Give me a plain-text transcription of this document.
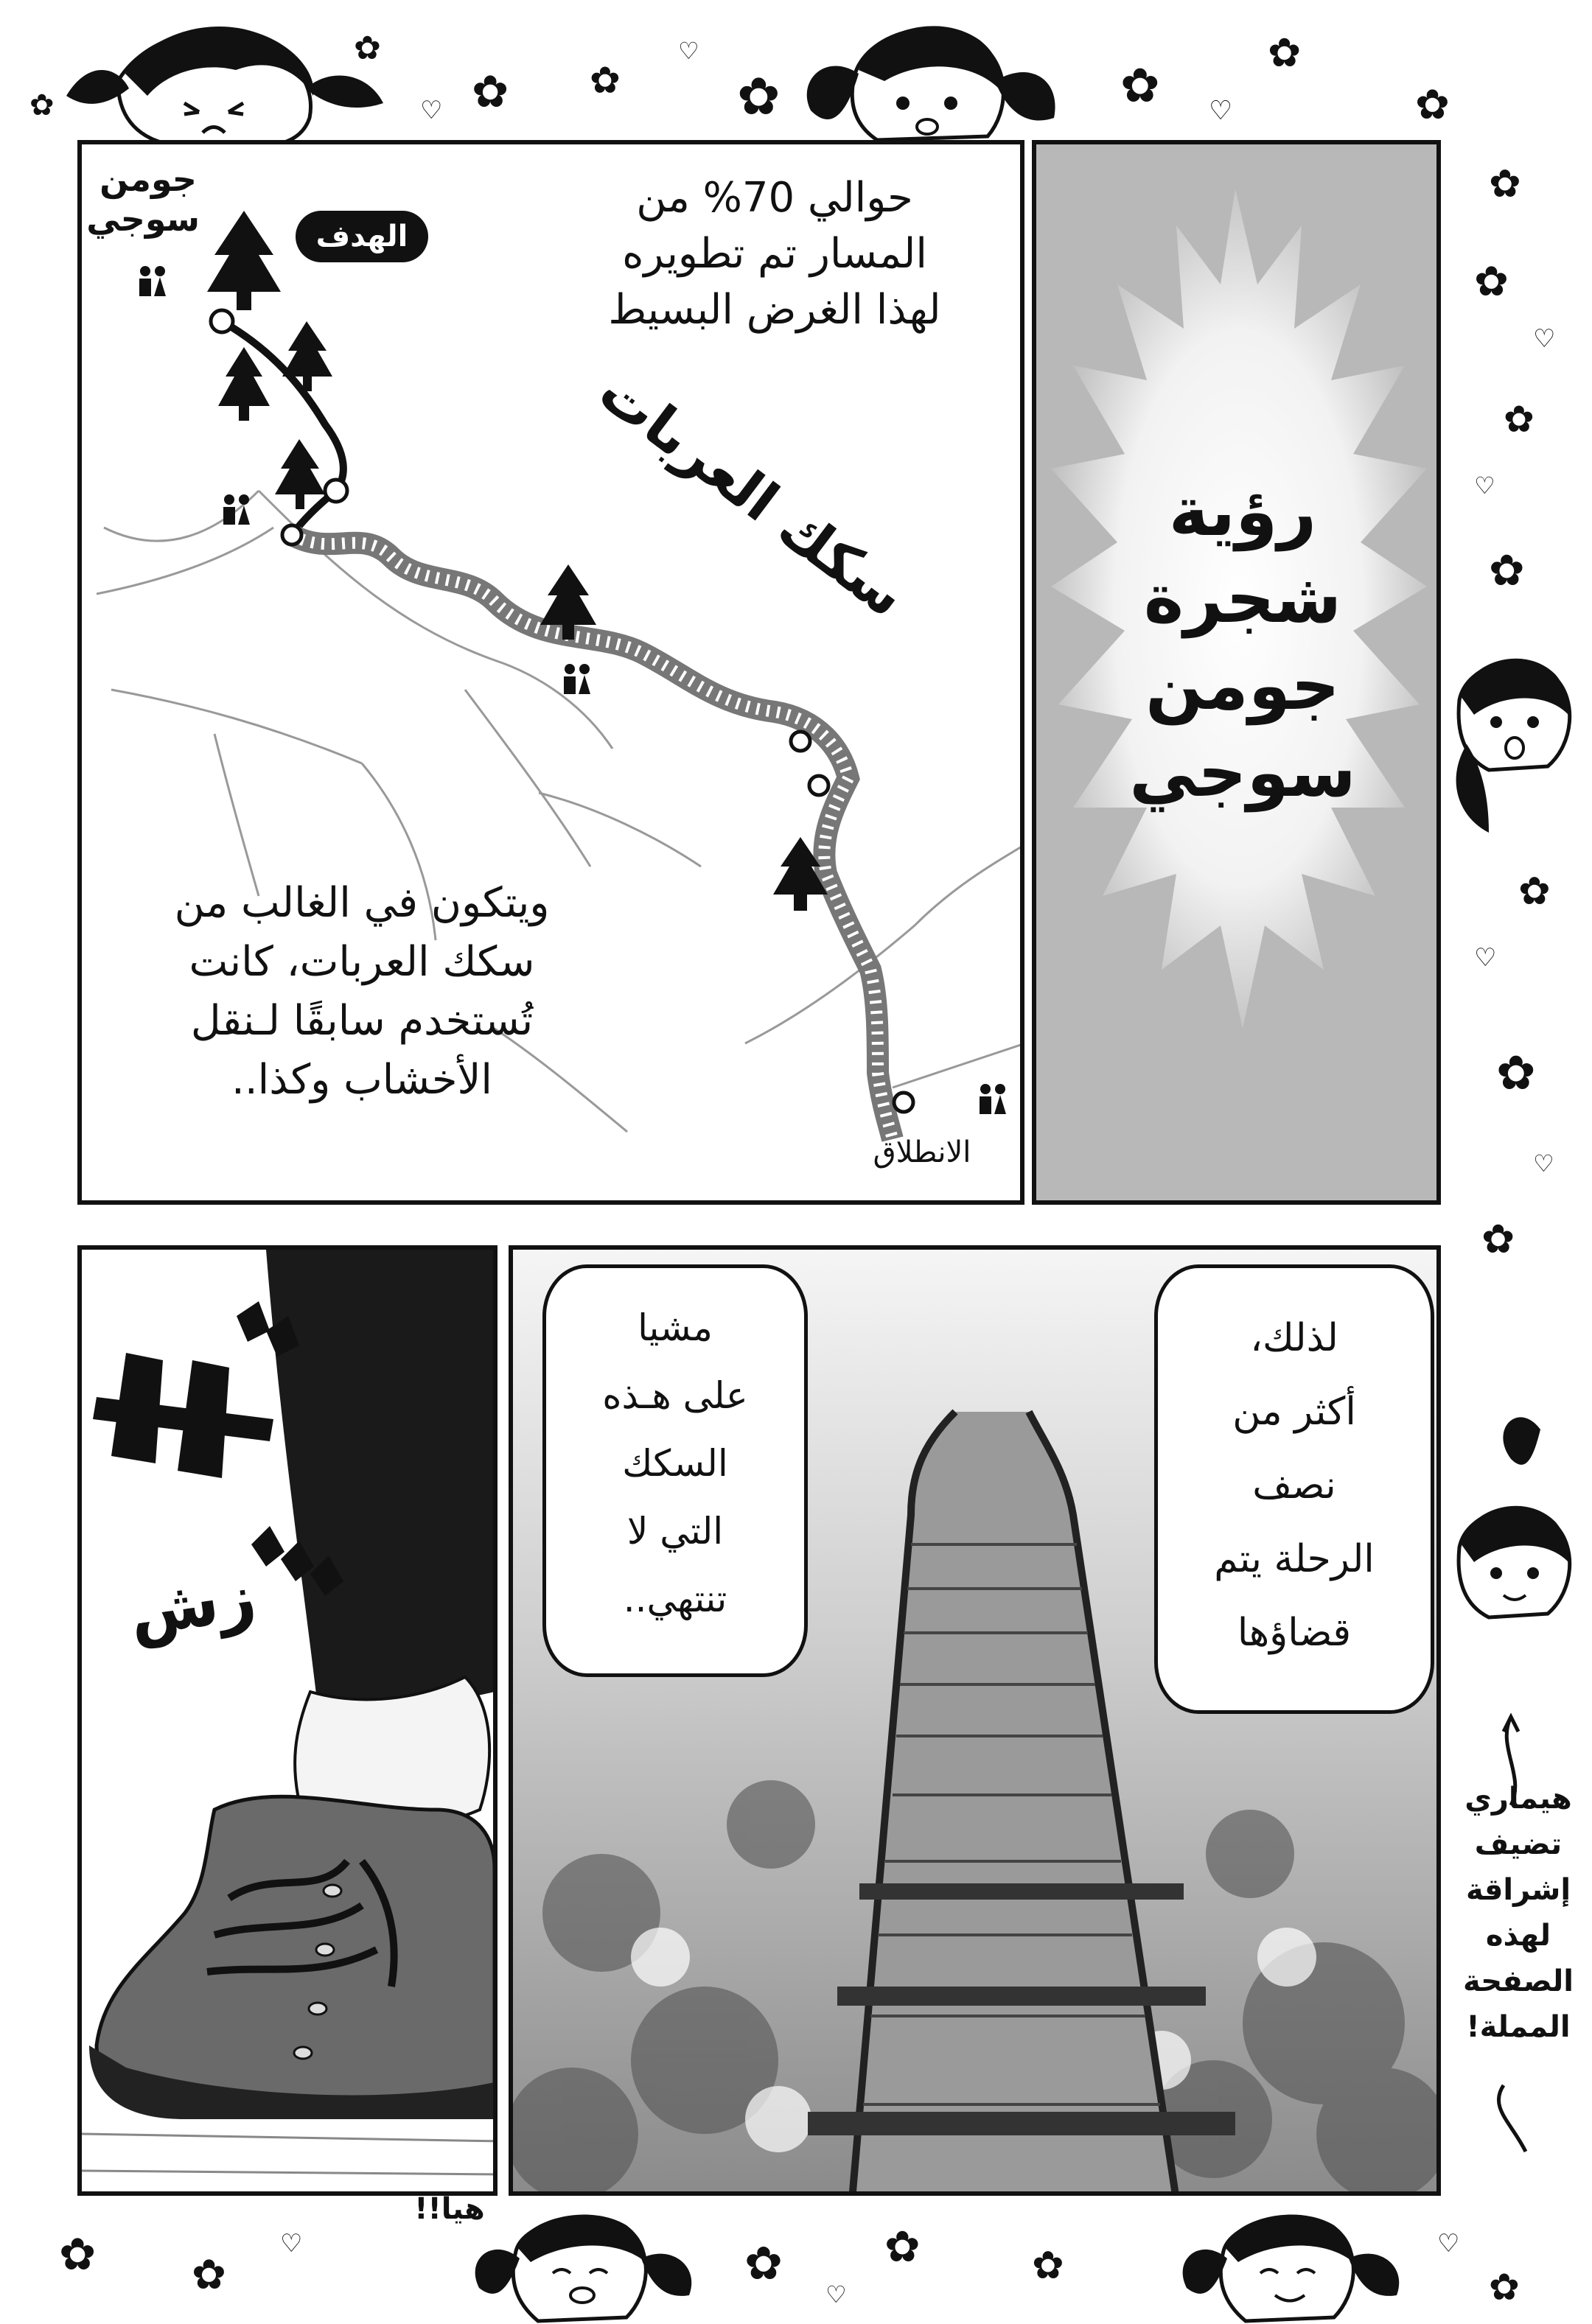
✿
✿
✿ ✿ ✿	✿
✿
✿
♡
♡
♡
جومن
سوجي	الهدف
حوالي 70% من
المسار تم تطويره
لهذا الغرض البسيط
سكك العربات
ويتكون في الغالب من
سكك العربات، كانت
تُستخدم سابقًا لـنقل
الأخشاب وكذا..
الانطلاق
رؤية
شجرة
جومن
سوجي
✿
✿
♡
✿
♡
✿
✿
♡
✿
♡
✿
هيماري
تضيف
إشراقة
لهذه
الصفحة
المملة!
زش
مشيا
على هـذه
السكك
التي لا
تنتهي..
لذلك،
أكثر من
نصف
الرحلة يتم
قضاؤها
✿ ✿	✿ ✿	✿	✿
♡
♡
♡
هيا!!
